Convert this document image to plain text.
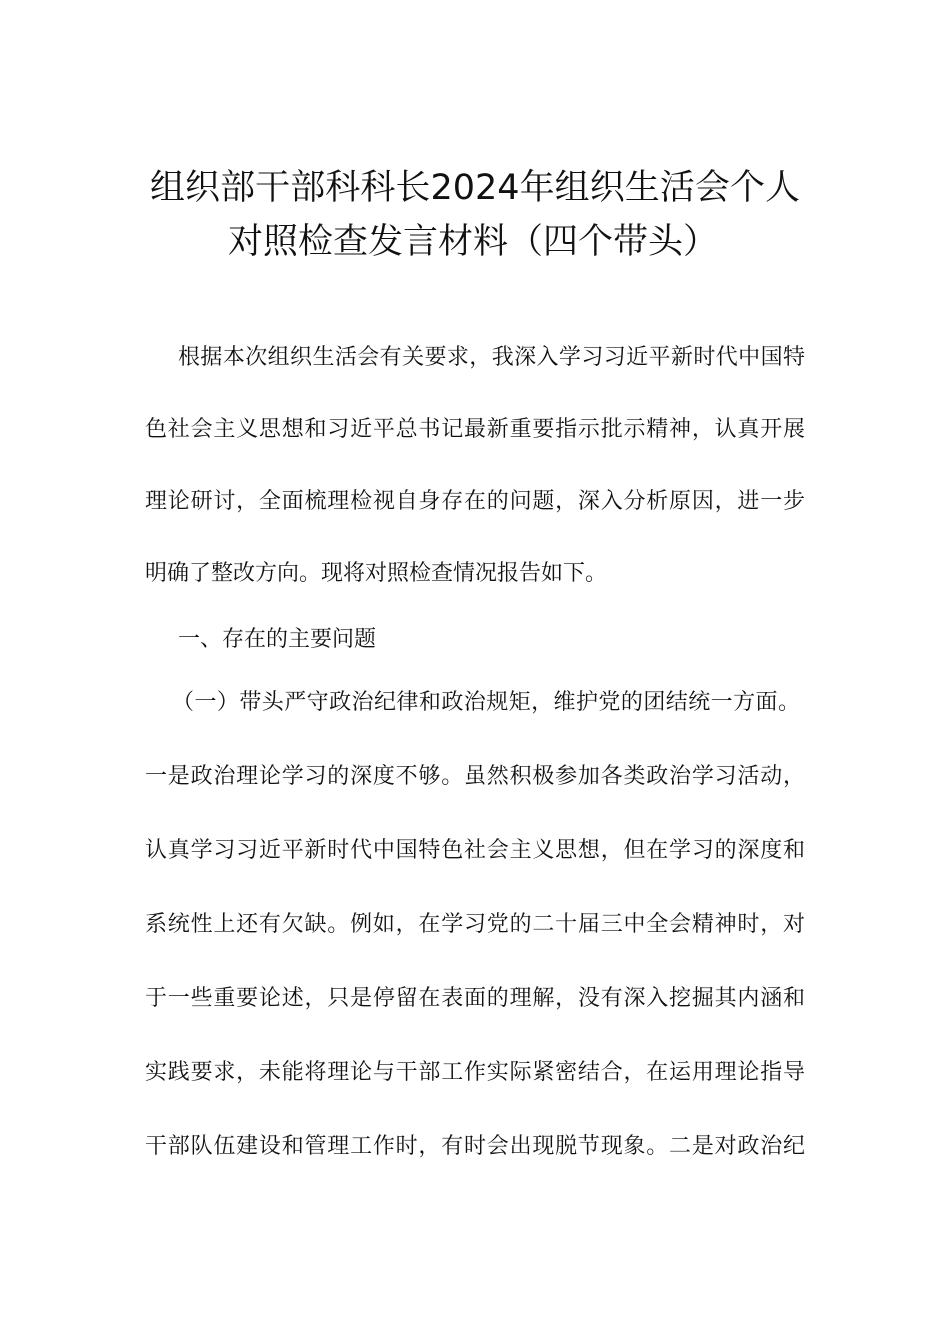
组织部干部科科长2024年组织生活会个人
对照检查发言材料（四个带头）
根据本次组织生活会有关要求，我深入学习习近平新时代中国特
色社会主义思想和习近平总书记最新重要指示批示精神，认真开展
理论研讨，全面梳理检视自身存在的问题，深入分析原因，进一步
明确了整改方向。现将对照检查情况报告如下。
一、存在的主要问题
（一）带头严守政治纪律和政治规矩，维护党的团结统一方面。
一是政治理论学习的深度不够。虽然积极参加各类政治学习活动，
认真学习习近平新时代中国特色社会主义思想，但在学习的深度和
系统性上还有欠缺。例如，在学习党的二十届三中全会精神时，对
于一些重要论述，只是停留在表面的理解，没有深入挖掘其内涵和
实践要求，未能将理论与干部工作实际紧密结合，在运用理论指导
干部队伍建设和管理工作时，有时会出现脱节现象。二是对政治纪
